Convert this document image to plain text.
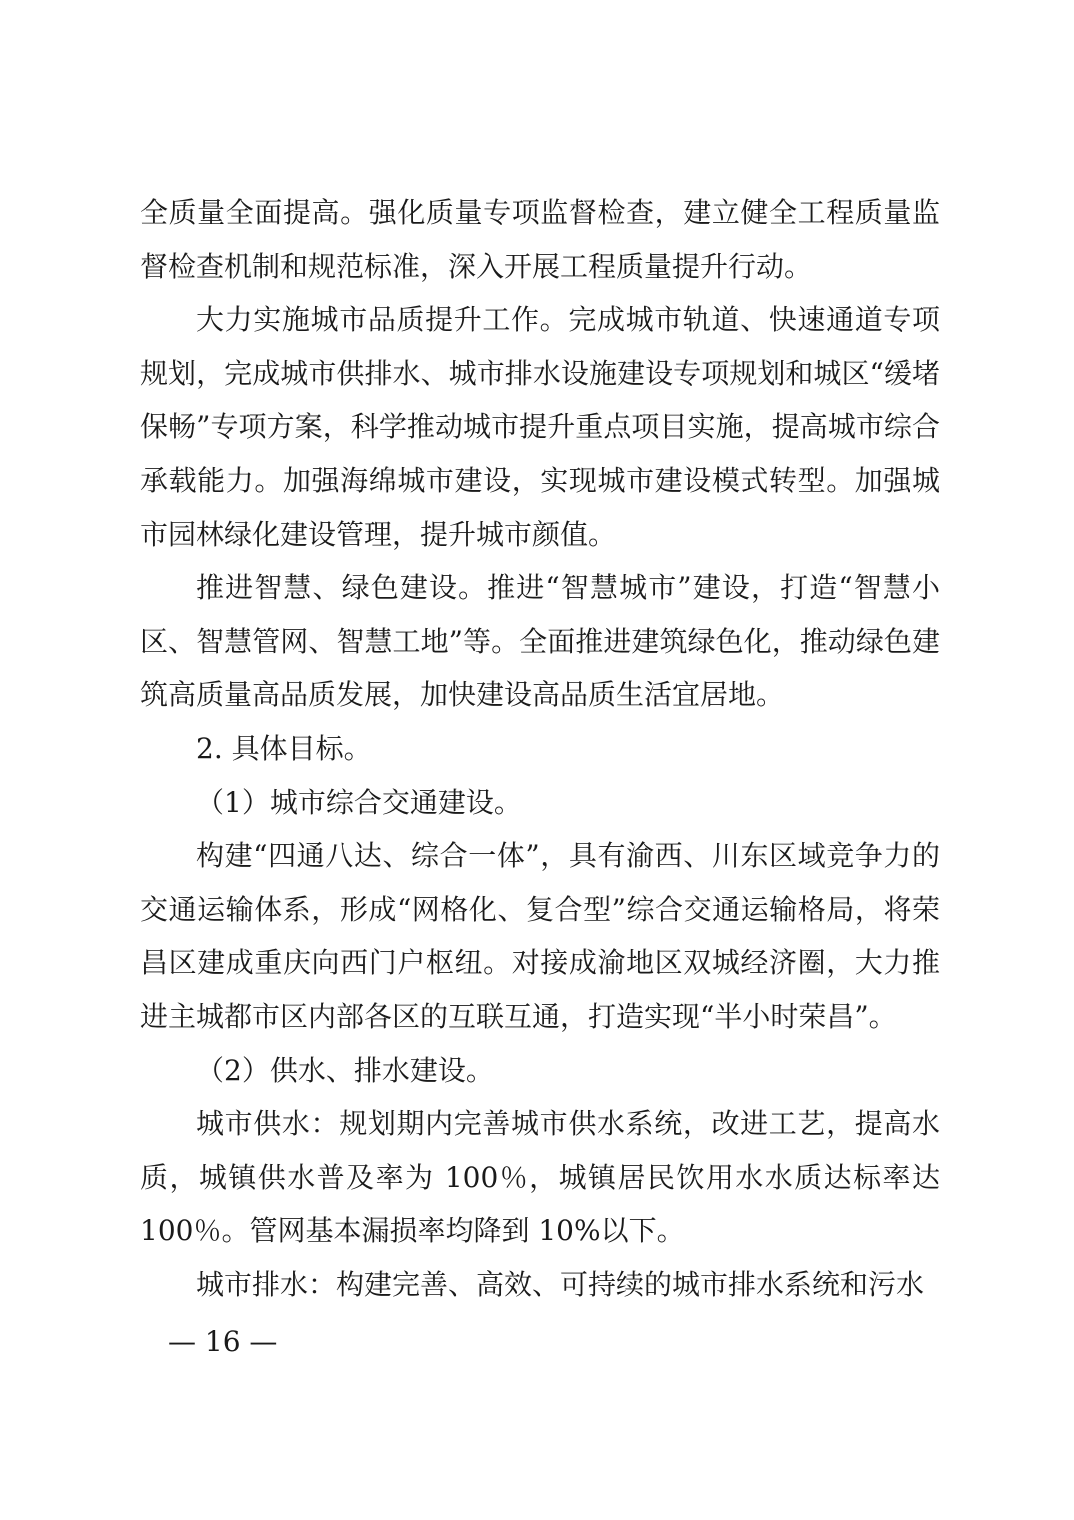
全质量全面提高。强化质量专项监督检查，建立健全工程质量监督检查机制和规范标准，深入开展工程质量提升行动。

大力实施城市品质提升工作。完成城市轨道、快速通道专项规划，完成城市供排水、城市排水设施建设专项规划和城区“缓堵保畅”专项方案，科学推动城市提升重点项目实施，提高城市综合承载能力。加强海绵城市建设，实现城市建设模式转型。加强城市园林绿化建设管理，提升城市颜值。

推进智慧、绿色建设。推进“智慧城市”建设，打造“智慧小区、智慧管网、智慧工地”等。全面推进建筑绿色化，推动绿色建筑高质量高品质发展，加快建设高品质生活宜居地。

2. 具体目标。

（1）城市综合交通建设。

构建“四通八达、综合一体”，具有渝西、川东区域竞争力的交通运输体系，形成“网格化、复合型”综合交通运输格局，将荣昌区建成重庆向西门户枢纽。对接成渝地区双城经济圈，大力推进主城都市区内部各区的互联互通，打造实现“半小时荣昌”。

（2）供水、排水建设。

城市供水：规划期内完善城市供水系统，改进工艺，提高水质，城镇供水普及率为 100％，城镇居民饮用水水质达标率达 100％。管网基本漏损率均降到 10%以下。

城市排水：构建完善、高效、可持续的城市排水系统和污水

— 16 —
